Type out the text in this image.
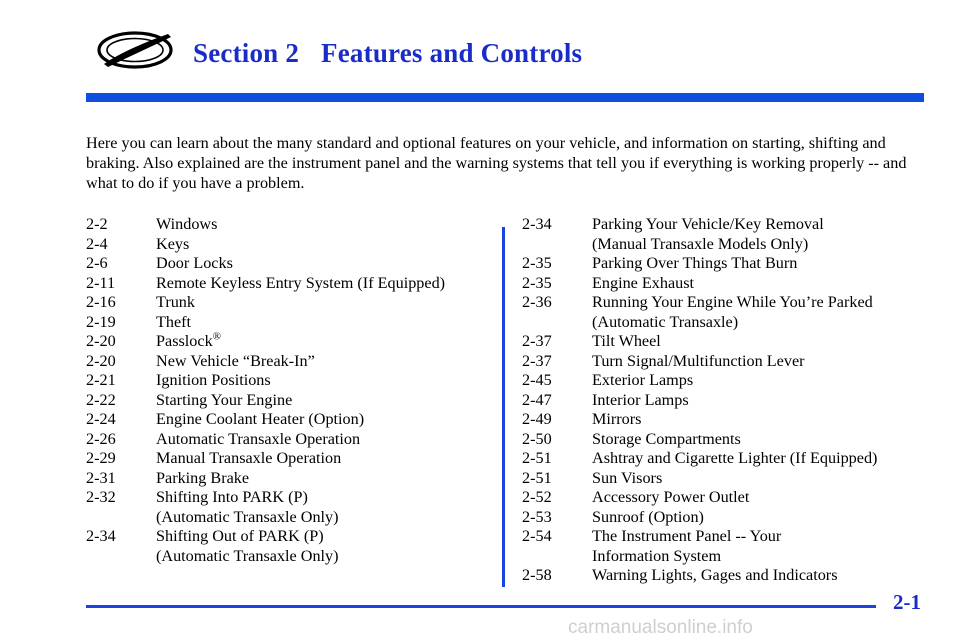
Section 2 Features and Controls

Here you can learn about the many standard and optional features on your vehicle, and information on starting, shifting and braking. Also explained are the instrument panel and the warning systems that tell you if everything is working properly -- and what to do if you have a problem.

2-2	Windows
2-4	Keys
2-6	Door Locks
2-11	Remote Keyless Entry System (If Equipped)
2-16	Trunk
2-19	Theft
2-20	Passlock®
2-20	New Vehicle “Break-In”
2-21	Ignition Positions
2-22	Starting Your Engine
2-24	Engine Coolant Heater (Option)
2-26	Automatic Transaxle Operation
2-29	Manual Transaxle Operation
2-31	Parking Brake
2-32	Shifting Into PARK (P)
(Automatic Transaxle Only)
2-34	Shifting Out of PARK (P)
(Automatic Transaxle Only)
2-34	Parking Your Vehicle/Key Removal
(Manual Transaxle Models Only)
2-35	Parking Over Things That Burn
2-35	Engine Exhaust
2-36	Running Your Engine While You’re Parked
(Automatic Transaxle)
2-37	Tilt Wheel
2-37	Turn Signal/Multifunction Lever
2-45	Exterior Lamps
2-47	Interior Lamps
2-49	Mirrors
2-50	Storage Compartments
2-51	Ashtray and Cigarette Lighter (If Equipped)
2-51	Sun Visors
2-52	Accessory Power Outlet
2-53	Sunroof (Option)
2-54	The Instrument Panel -- Your
Information System
2-58	Warning Lights, Gages and Indicators

2-1

carmanualsonline.info
